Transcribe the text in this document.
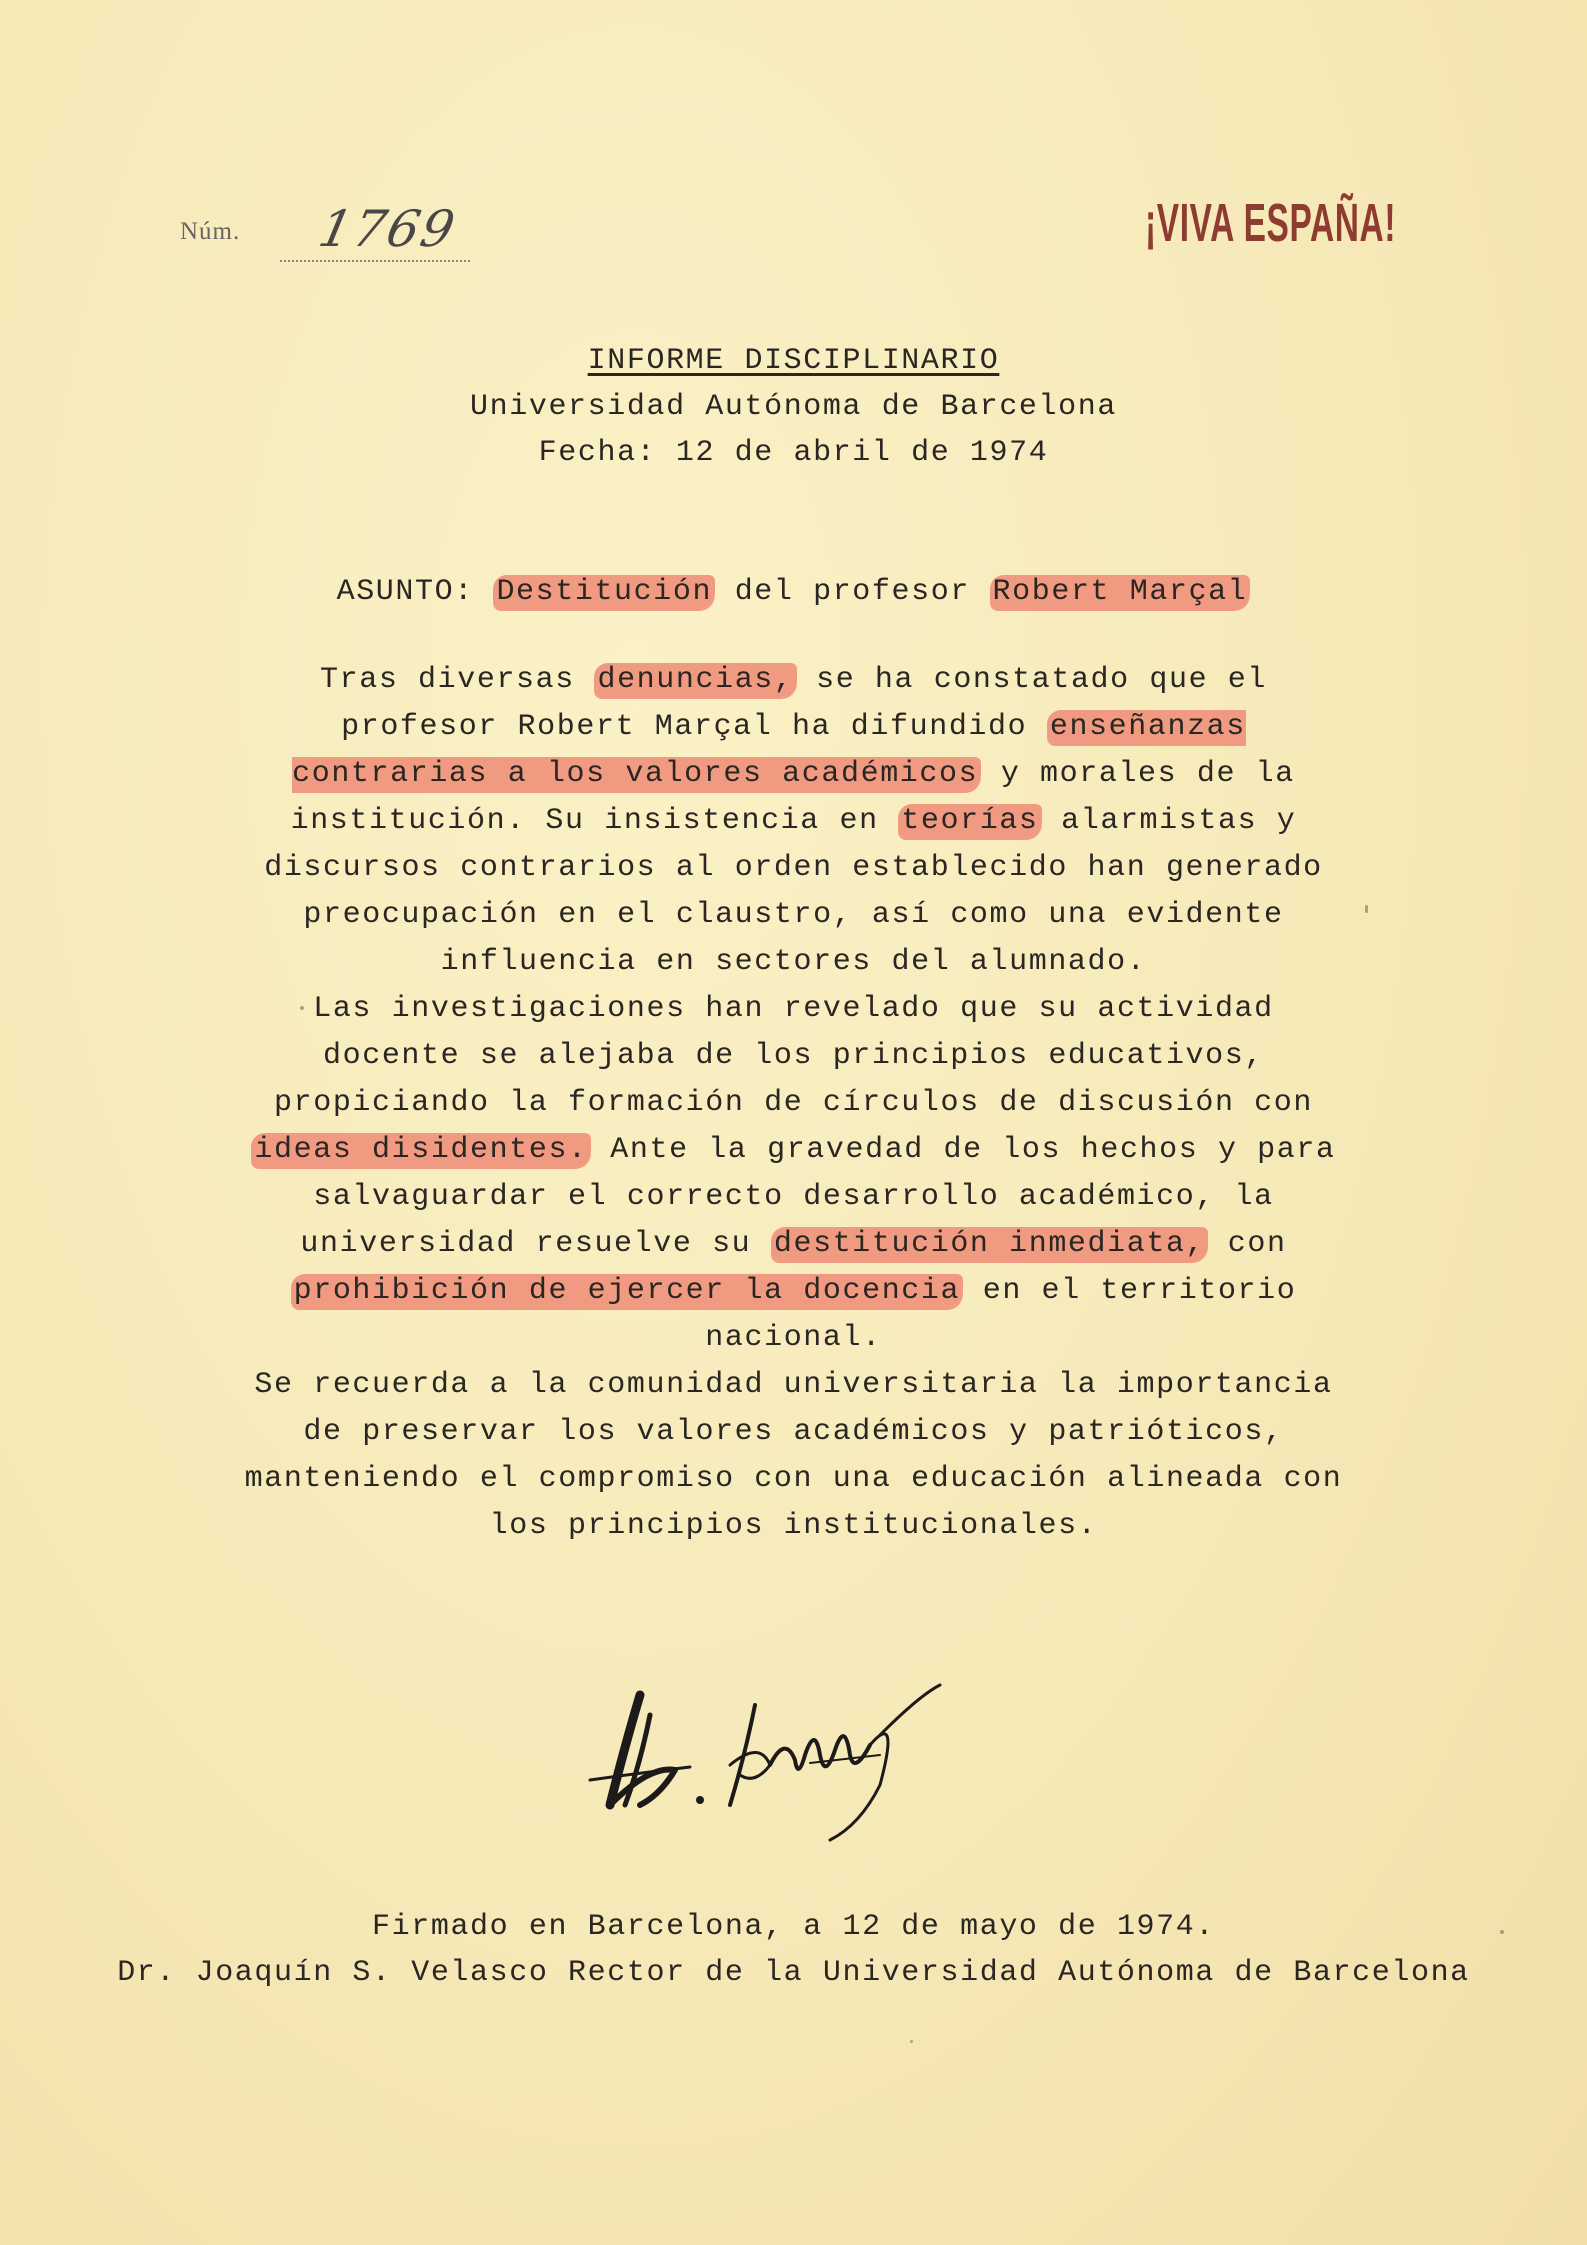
Núm. 1769	¡VIVA ESPAÑA!
INFORME DISCIPLINARIO
Universidad Autónoma de Barcelona
Fecha: 12 de abril de 1974
ASUNTO: Destitución del profesor Robert Marçal

Tras diversas denuncias, se ha constatado que el profesor Robert Marçal ha difundido enseñanzas contrarias a los valores académicos y morales de la institución. Su insistencia en teorías alarmistas y discursos contrarios al orden establecido han generado preocupación en el claustro, así como una evidente influencia en sectores del alumnado.

Las investigaciones han revelado que su actividad docente se alejaba de los principios educativos, propiciando la formación de círculos de discusión con ideas disidentes. Ante la gravedad de los hechos y para salvaguardar el correcto desarrollo académico, la universidad resuelve su destitución inmediata, con prohibición de ejercer la docencia en el territorio nacional.

Se recuerda a la comunidad universitaria la importancia de preservar los valores académicos y patrióticos, manteniendo el compromiso con una educación alineada con los principios institucionales.

Firmado en Barcelona, a 12 de mayo de 1974.
Dr. Joaquín S. Velasco Rector de la Universidad Autónoma de Barcelona
